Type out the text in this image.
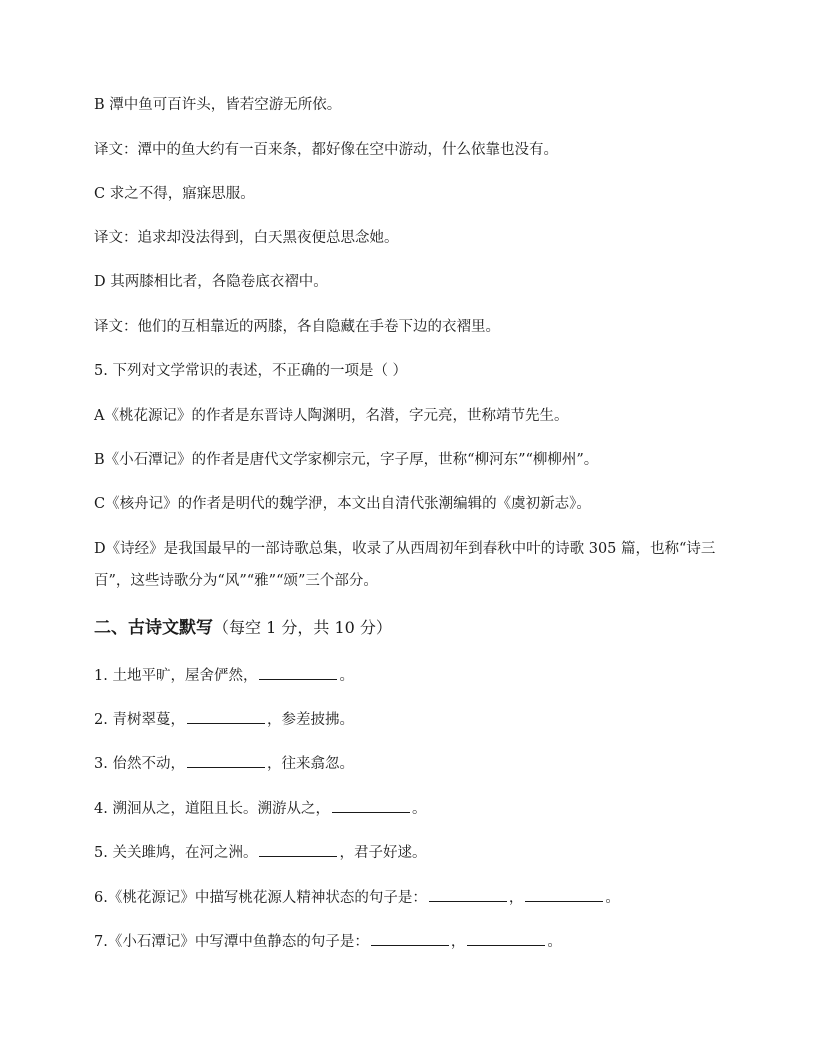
B 潭中鱼可百许头，皆若空游无所依。
译文：潭中的鱼大约有一百来条，都好像在空中游动，什么依靠也没有。
C 求之不得，寤寐思服。
译文：追求却没法得到，白天黑夜便总思念她。
D 其两膝相比者，各隐卷底衣褶中。
译文：他们的互相靠近的两膝，各自隐藏在手卷下边的衣褶里。
5. 下列对文学常识的表述，不正确的一项是（ ）
A《桃花源记》的作者是东晋诗人陶渊明，名潜，字元亮，世称靖节先生。
B《小石潭记》的作者是唐代文学家柳宗元，字子厚，世称“柳河东”“柳柳州”。
C《核舟记》的作者是明代的魏学洢，本文出自清代张潮编辑的《虞初新志》。
D《诗经》是我国最早的一部诗歌总集，收录了从西周初年到春秋中叶的诗歌 305 篇，也称“诗三百”，这些诗歌分为“风”“雅”“颂”三个部分。
二、古诗文默写（每空 1 分，共 10 分）
1. 土地平旷，屋舍俨然，	。
2. 青树翠蔓，	，参差披拂。
3. 佁然不动，	，往来翕忽。
4. 溯洄从之，道阻且长。溯游从之，	。
5. 关关雎鸠，在河之洲。	，君子好逑。
6.《桃花源记》中描写桃花源人精神状态的句子是：	，	。
7.《小石潭记》中写潭中鱼静态的句子是：	，	。
